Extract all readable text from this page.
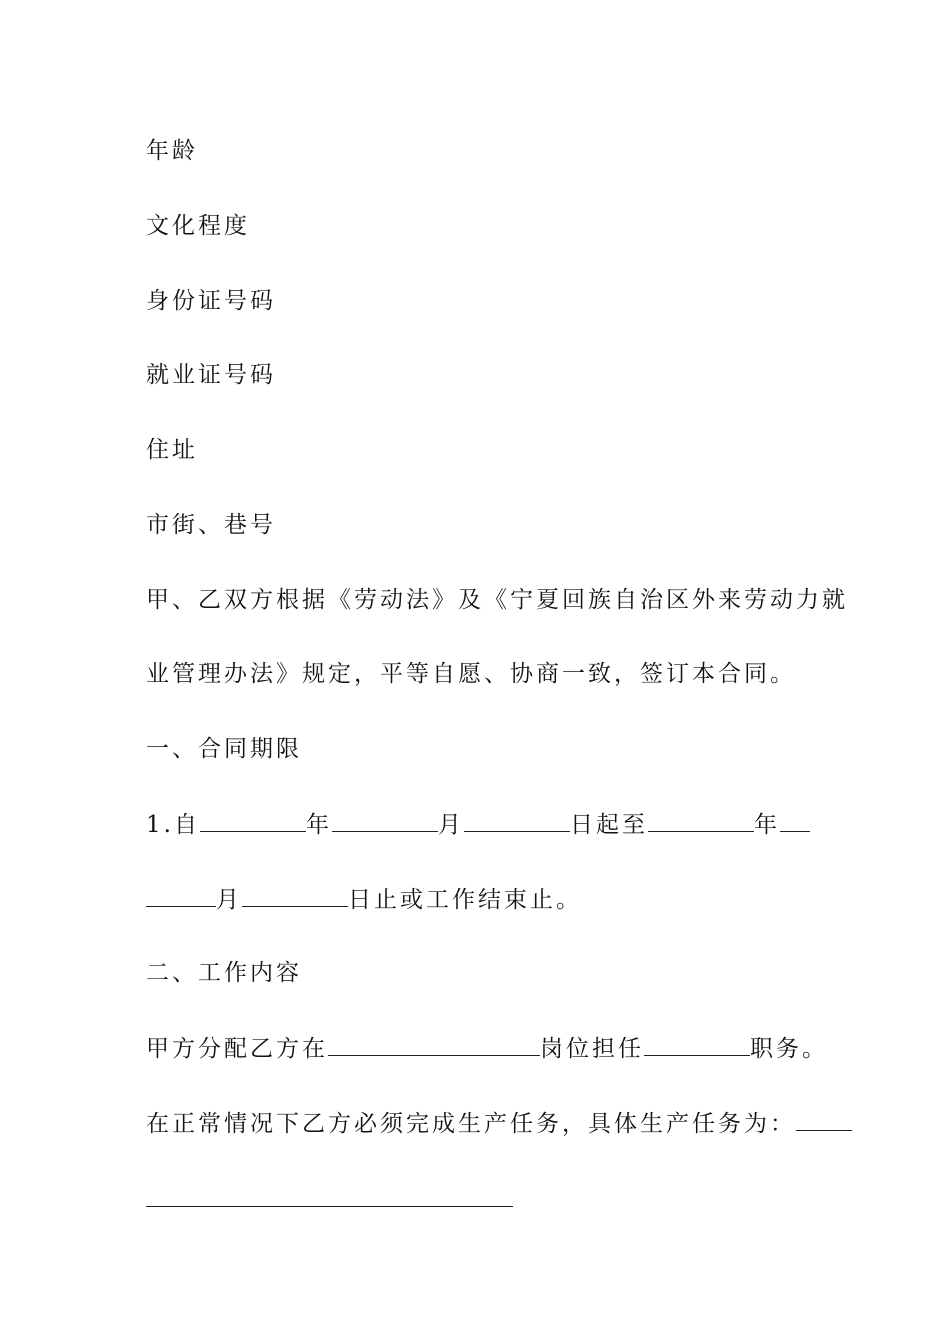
年龄
文化程度
身份证号码
就业证号码
住址
市街、巷号
甲、乙双方根据《劳动法》及《宁夏回族自治区外来劳动力就
业管理办法》规定，平等自愿、协商一致，签订本合同。
一、合同期限
1.自	年	月	日起至	年
月	日止或工作结束止。
二、工作内容
甲方分配乙方在	岗位担任	职务。
在正常情况下乙方必须完成生产任务，具体生产任务为：
